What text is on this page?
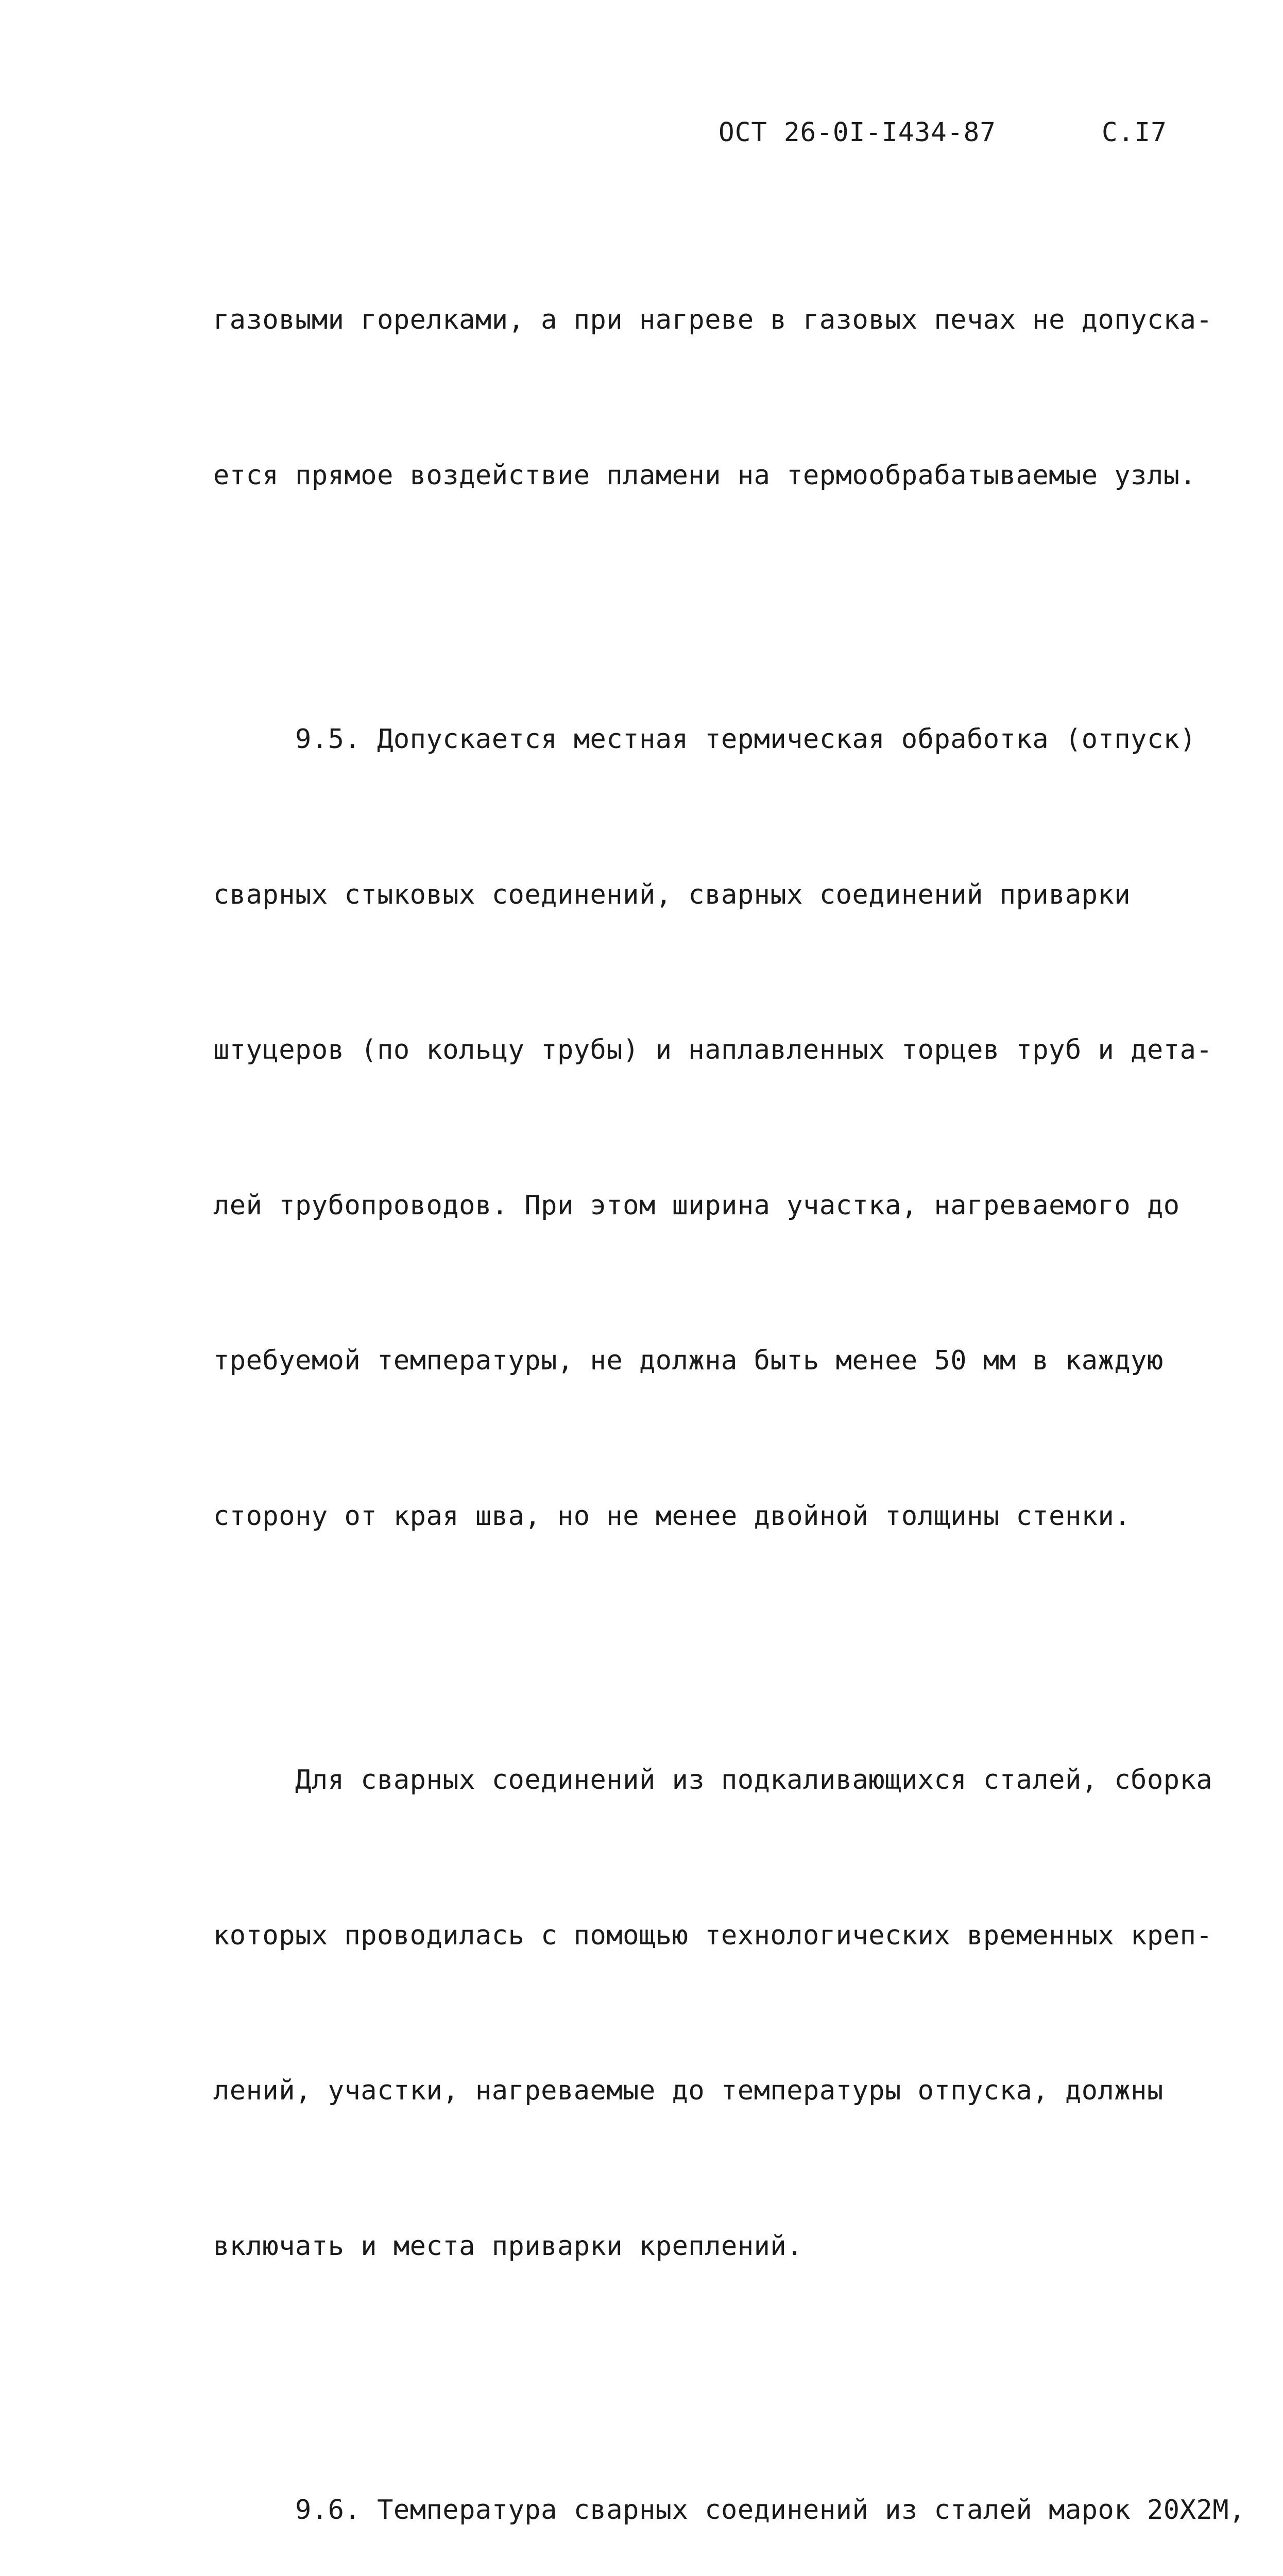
ОСТ 26-0I-I434-87	С.I7

газовыми горелками, а при нагреве в газовых печах не допуска-

ется прямое воздействие пламени на термообрабатываемые узлы.

9.5. Допускается местная термическая обработка (отпуск)

сварных стыковых соединений, сварных соединений приварки

штуцеров (по кольцу трубы) и наплавленных торцев труб и дета-

лей трубопроводов. При этом ширина участка, нагреваемого до

требуемой температуры, не должна быть менее 50 мм в каждую

сторону от края шва, но не менее двойной толщины стенки.

Для сварных соединений из подкаливающихся сталей, сборка

которых проводилась с помощью технологических временных креп-

лений, участки, нагреваемые до температуры отпуска, должны

включать и места приварки креплений.

9.6. Температура сварных соединений из сталей марок 20Х2М,
